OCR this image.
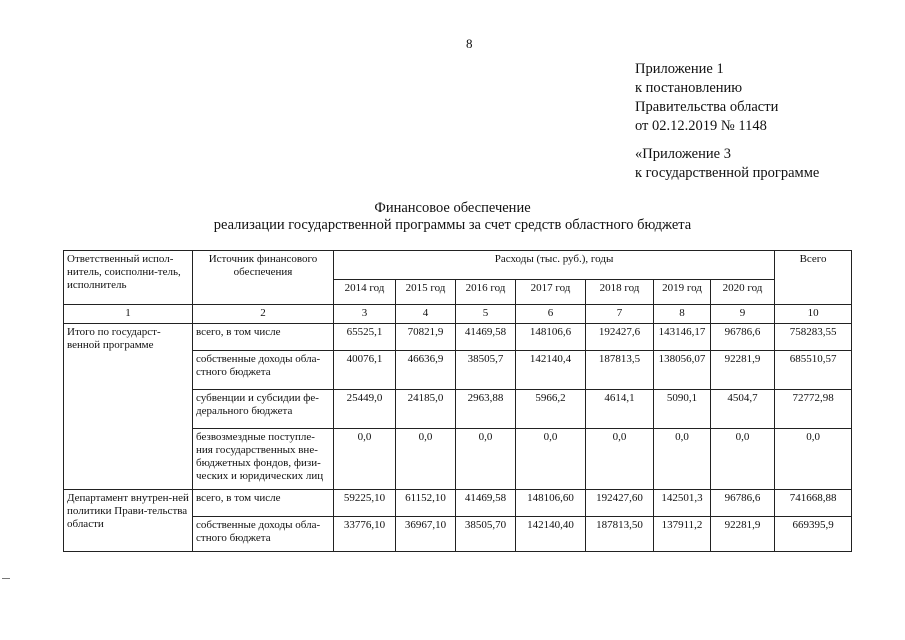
8
Приложение 1
к постановлению
Правительства области
от 02.12.2019 № 1148
«Приложение 3
к государственной программе
Финансовое обеспечение
реализации государственной программы за счет средств областного бюджета
Ответственный испол-нитель, соисполни-тель, исполнитель	Источник финансового обеспечения	Расходы (тыс. руб.), годы							Всего
		2014 год	2015 год	2016 год	2017 год	2018 год	2019 год	2020 год	
1	2	3	4	5	6	7	8	9	10
Итого по государст-венной программе	всего, в том числе	65525,1	70821,9	41469,58	148106,6	192427,6	143146,17	96786,6	758283,55
	собственные доходы обла-стного бюджета	40076,1	46636,9	38505,7	142140,4	187813,5	138056,07	92281,9	685510,57
	субвенции и субсидии фе-дерального бюджета	25449,0	24185,0	2963,88	5966,2	4614,1	5090,1	4504,7	72772,98
	безвозмездные поступле-ния государственных вне-бюджетных фондов, физи-ческих и юридических лиц	0,0	0,0	0,0	0,0	0,0	0,0	0,0	0,0
Департамент внутрен-ней политики Прави-тельства области	всего, в том числе	59225,10	61152,10	41469,58	148106,60	192427,60	142501,3	96786,6	741668,88
	собственные доходы обла-стного бюджета	33776,10	36967,10	38505,70	142140,40	187813,50	137911,2	92281,9	669395,9
